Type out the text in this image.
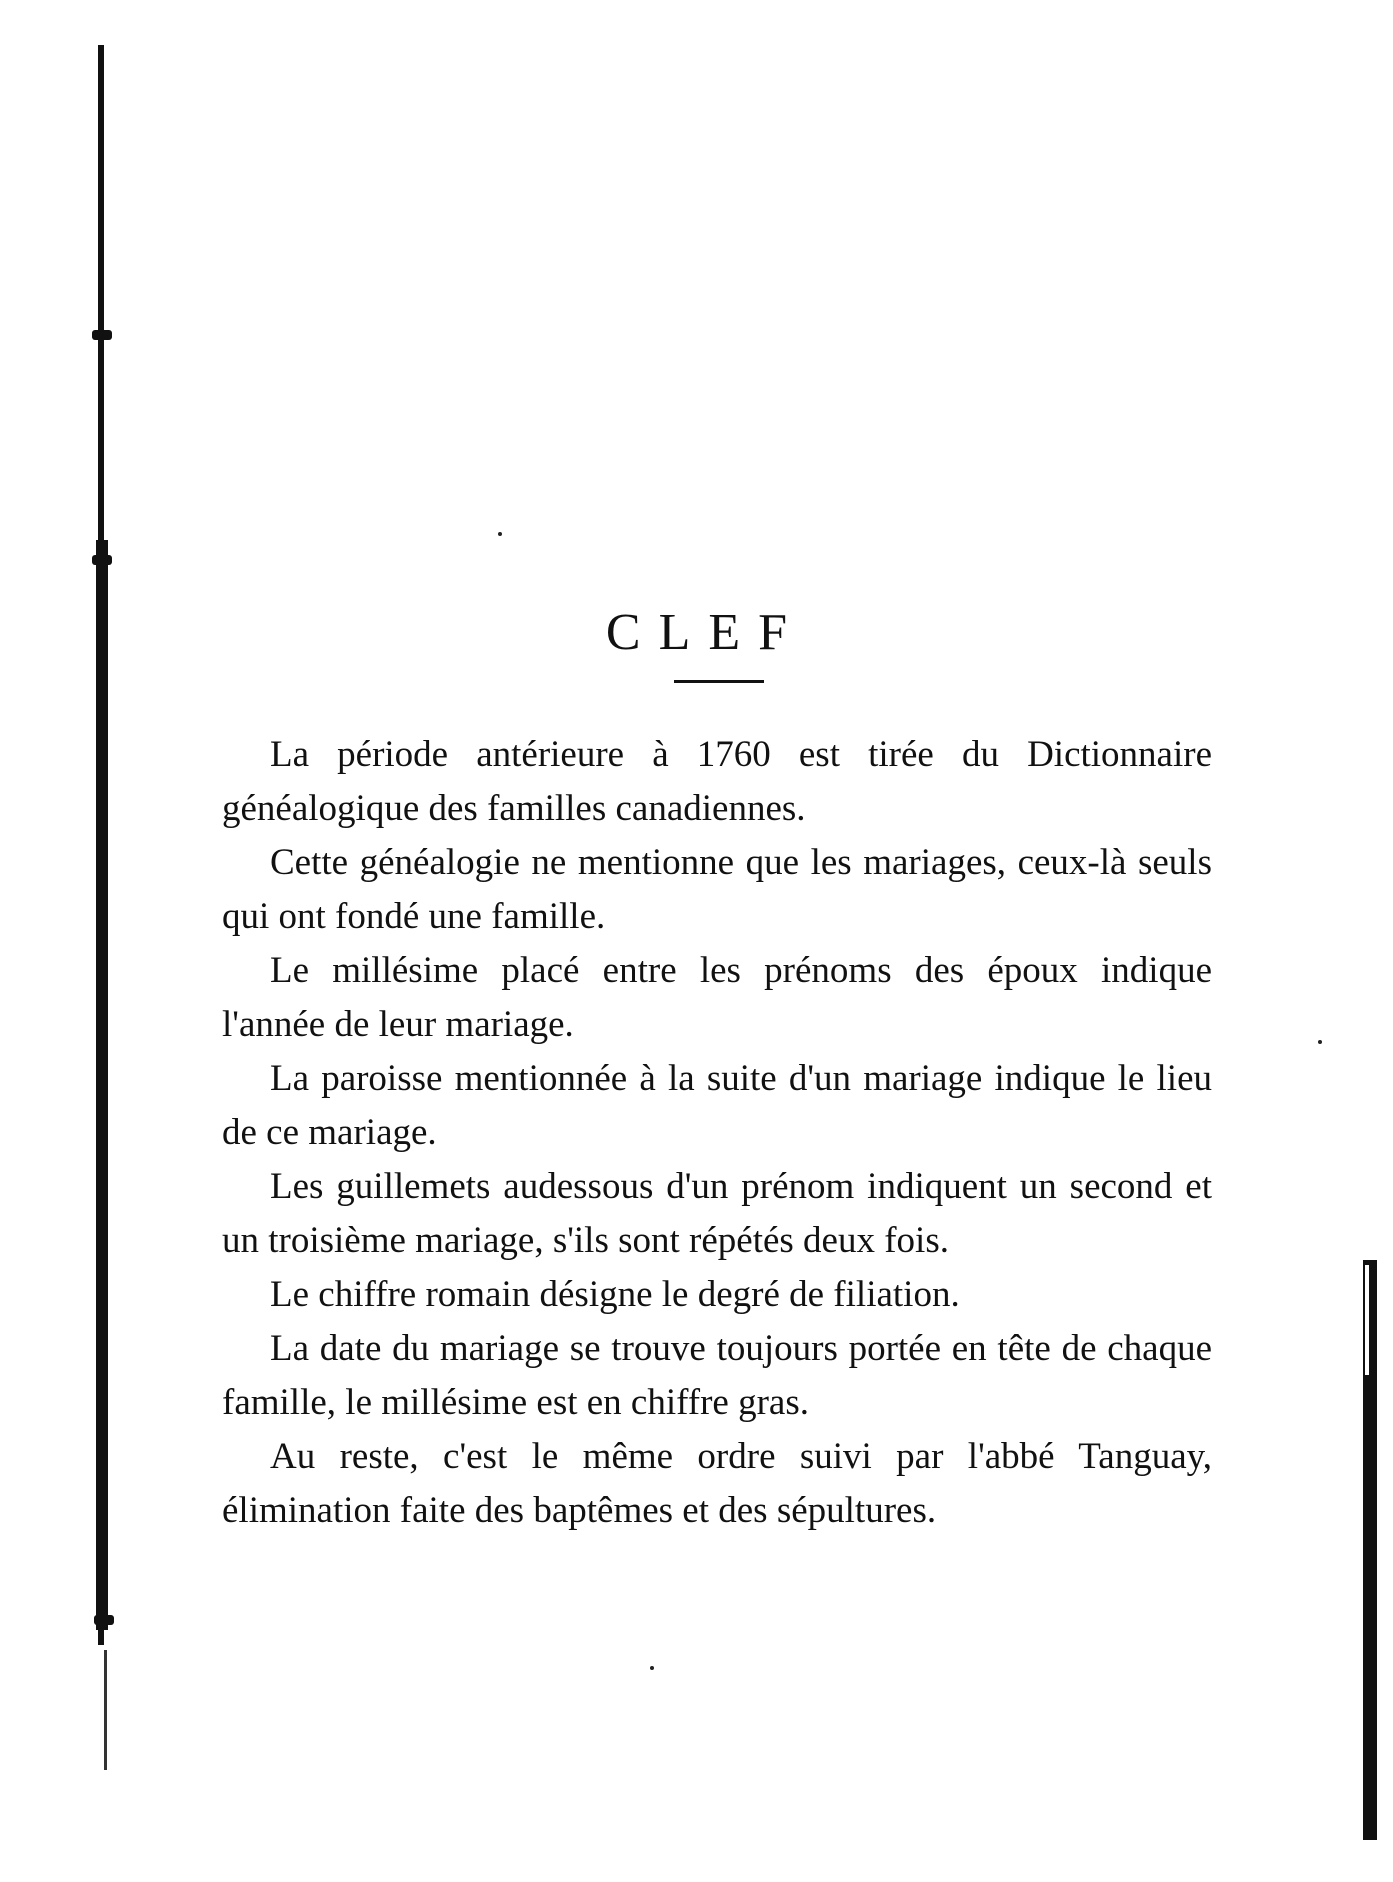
CLEF

La période antérieure à 1760 est tirée du Dictionnaire généalogique des familles canadiennes.

Cette généalogie ne mentionne que les mariages, ceux-là seuls qui ont fondé une famille.

Le millésime placé entre les prénoms des époux indique l'année de leur mariage.

La paroisse mentionnée à la suite d'un mariage indique le lieu de ce mariage.

Les guillemets audessous d'un prénom indiquent un second et un troisième mariage, s'ils sont répétés deux fois.

Le chiffre romain désigne le degré de filiation.

La date du mariage se trouve toujours portée en tête de chaque famille, le millésime est en chiffre gras.

Au reste, c'est le même ordre suivi par l'abbé Tanguay, élimination faite des baptêmes et des sépultures.
